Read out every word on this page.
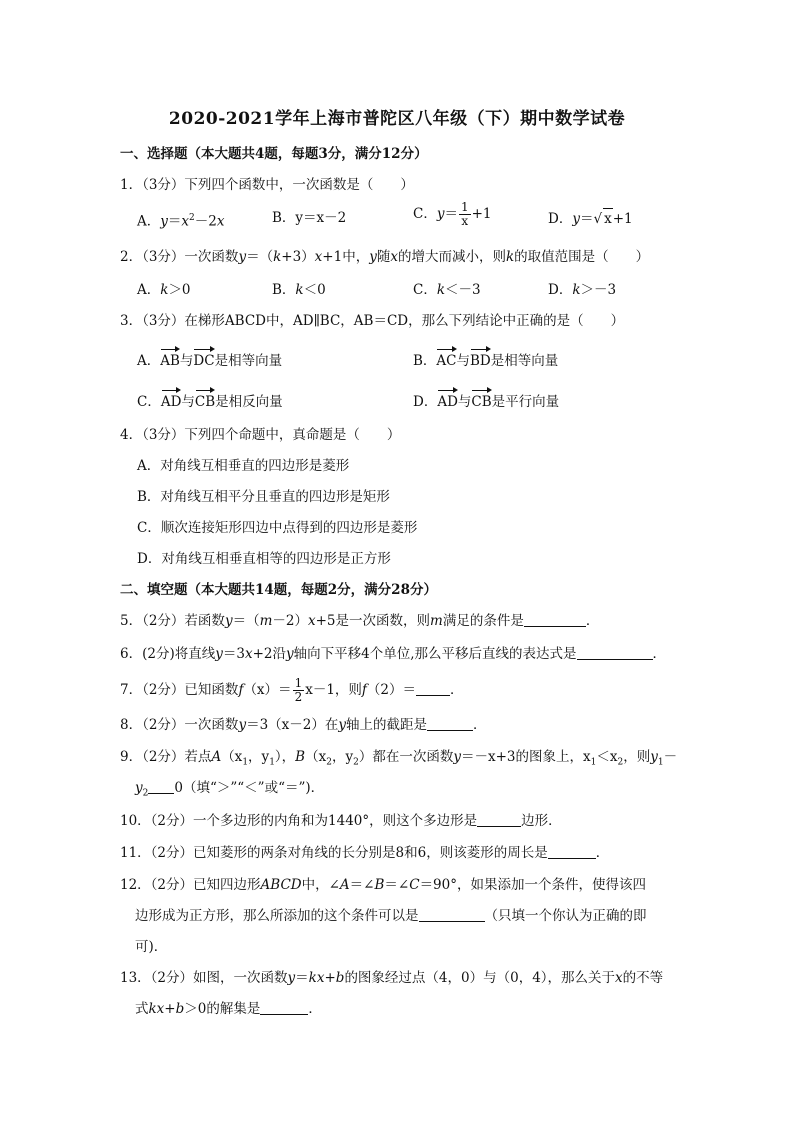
2020-2021学年上海市普陀区八年级（下）期中数学试卷
一、选择题（本大题共4题，每题3分，满分12分）
1．（3分）下列四个函数中，一次函数是（　　）
A．$y=x^2-2x$	B．y＝x－2	C．$y= \frac{1}{x} +1$	D．y＝√ x+1
2．（3分）一次函数y＝（k+3）x+1中，y随x的增大而减小，则k的取值范围是（　　）
A．k＞0	B．k＜0	C．k＜－3	D．k＞－3
3．（3分）在梯形ABCD中，AD∥BC，AB＝CD，那么下列结论中正确的是（　　）
A．AB与DC是相等向量	B．AC与BD是相等向量
C．AD与CB是相反向量	D．AD与CB是平行向量
4．（3分）下列四个命题中，真命题是（　　）
A．对角线互相垂直的四边形是菱形
B．对角线互相平分且垂直的四边形是矩形
C．顺次连接矩形四边中点得到的四边形是菱形
D．对角线互相垂直相等的四边形是正方形
二、填空题（本大题共14题，每题2分，满分28分）
5．（2分）若函数y＝（m－2）x+5是一次函数，则m满足的条件是	．
6．(2分)将直线y＝3x+2沿y轴向下平移4个单位,那么平移后直线的表达式是	．
7．（2分）已知函数$f(x)= \frac{1}{2} x-1$，则f（2）＝	．
8．（2分）一次函数y＝3（x－2）在y轴上的截距是	．
9．（2分）若点$A(x_1$，$y_1$），$B(x_2$，$y_2$）都在一次函数y＝－x+3的图象上，$x_1<x_2$，则$y_1-$
$y_2$ 0（填“＞”“＜”或“＝”)．
10．（2分）一个多边形的内角和为1440°，则这个多边形是	边形．
11．（2分）已知菱形的两条对角线的长分别是8和6，则该菱形的周长是	．
12．（2分）已知四边形ABCD中，∠A＝∠B＝∠C＝90°，如果添加一个条件，使得该四
边形成为正方形，那么所添加的这个条件可以是	（只填一个你认为正确的即
可)．
13．（2分）如图，一次函数y＝kx+b的图象经过点（4，0）与（0，4），那么关于x的不等
式kx+b＞0的解集是	．
